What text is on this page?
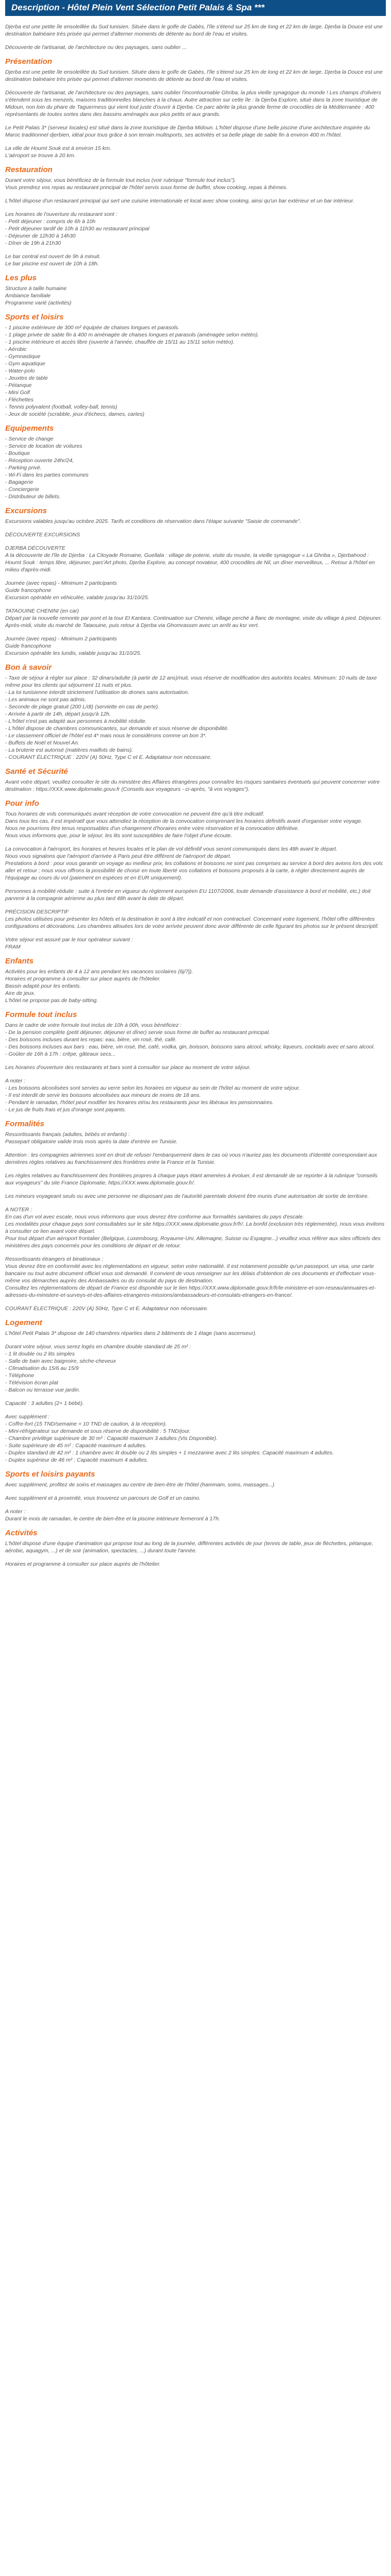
Description - Hôtel Plein Vent Sélection Petit Palais & Spa ***

Djerba est une petite île ensoleillée du Sud tunisien. Située dans le golfe de Gabès, l'île s'étend sur 25 km de long et 22 km de large. Djerba la Douce est une destination balnéaire très prisée qui permet d'alterner moments de détente au bord de l'eau et visites.

Découverte de l'artisanat, de l'architecture ou des paysages, sans oublier ...

Présentation

Djerba est une petite île ensoleillée du Sud tunisien. Située dans le golfe de Gabès, l'île s'étend sur 25 km de long et 22 km de large. Djerba la Douce est une destination balnéaire très prisée qui permet d'alterner moments de détente au bord de l'eau et visites.

Découverte de l'artisanat, de l'architecture ou des paysages, sans oublier l'incontournable Ghriba, la plus vieille synagogue du monde ! Les champs d'oliviers s'étendent sous les menzels, maisons traditionnelles blanchies à la chaux. Autre attraction sur cette île : la Djerba Explore, situé dans la zone touristique de Midoun, non loin du phare de Taguermess qui vient tout juste d'ouvrir à Djerba. Ce parc abrite la plus grande ferme de crocodiles de la Méditerranée : 400 représentants de toutes sortes dans des bassins aménagés aux plus petits et aux grands.

Le Petit Palais 3* (serveur locales) est situé dans la zone touristique de Djerba Midoun. L'hôtel dispose d'une belle piscine d'une architecture inspirée du Maroc traditionnel djerbien, idéal pour tous grâce à son terrain multisports, ses activités et sa belle plage de sable fin à environ 400 m l'hôtel.

La ville de Houmt Souk est à environ 15 km.
L'aéroport se trouve à 20 km.

Restauration

Durant votre séjour, vous bénéficiez de la formule tout inclus (voir rubrique "formule tout inclus").
Vous prendrez vos repas au restaurant principal de l'hôtel servis sous forme de buffet, show cooking, repas à thèmes.

L'hôtel dispose d'un restaurant principal qui sert une cuisine internationale et local avec show cooking, ainsi qu'un bar extérieur et un bar intérieur.

Les horaires de l'ouverture du restaurant sont :
- Petit déjeuner : compris de 6h à 10h
- Petit déjeuner tardif de 10h à 11h30 au restaurant principal
- Déjeuner de 12h30 à 14h30
- Dîner de 19h à 21h30

Le bar central est ouvert de 9h à minuit.
Le bar piscine est ouvert de 10h à 18h.

Les plus
Structure à taille humaine
Ambiance familiale
Programme varié (activités)
Sports et loisirs
- 1 piscine extérieure de 300 m² équipée de chaises longues et parasols.
- 1 plage privée de sable fin à 400 m aménagée de chaises longues et parasols (aménagée selon météo).
- 1 piscine intérieure et accès libre (ouverte à l'année, chauffée de 15/11 au 15/11 selon météo).
- Aérobic
- Gymnastique
- Gym aquatique
- Water-polo
- Jeuxtes de table
- Pétanque
- Mini Golf
- Fléchettes
- Tennis polyvalent (football, volley-ball, tennis)
- Jeux de société (scrabble, jeux d'échecs, dames, cartes)
Equipements
- Service de change
- Service de location de voitures
- Boutique
- Réception ouverte 24hr/24,
- Parking privé.
- Wi-Fi dans les parties communes
- Bagagerie
- Conciergerie
- Distributeur de billets.
Excursions

Excursions valables jusqu'au octobre 2025. Tarifs et conditions de réservation dans l'étape suivante "Saisie de commande".

DÉCOUVERTE EXCURSIONS

DJERBA DÉCOUVERTE
A la découverte de l'île de Djerba : La Citoyade Romaine, Guellala : village de poterie, visite du musée, la vieille synagogue « La Ghriba », Djerbahood : Houmt Souk : temps libre, déjeuner, parc'Art photo, Djerba Explore, au concept novateur, 400 crocodiles de Nil, un dîner merveilleux, ... Retour à l'hôtel en milieu d'après-midi.

Journée (avec repas) - Minimum 2 participants
Guide francophone
Excursion opérable en véhiculée, valable jusqu'au 31/10/25.

TATAOUINE CHENINI (en car)
Départ par la nouvelle remonte par pont et la tour El Kantara. Continuation sur Chenini, village perché à flanc de montagne, visite du village à pied. Déjeuner. Après-midi, visite du marché de Tataouine, puis retour à Djerba via Ghomrassen avec un arrêt au ksr vert.

Journée (avec repas) - Minimum 2 participants
Guide francophone
Excursion opérable les lundis, valable jusqu'au 31/10/25.

Bon à savoir

- Taxe de séjour à régler sur place : 32 dinars/adulte (à partir de 12 ans)/nuit, vous réserve de modification des autorités locales. Minimum: 10 nuits de taxe même pour les clients qui séjournent 11 nuits et plus.
- La loi tunisienne interdit strictement l'utilisation de drones sans autorisation.
- Les animaux ne sont pas admis.
- Seconde de plage gratuit (200 L/dt) (serviette en cas de perte).
- Arrivée à partir de 14h, départ jusqu'à 12h.
- L'hôtel n'est pas adapté aux personnes à mobilité réduite.
- L'hôtel dispose de chambres communicantes, sur demande et sous réserve de disponibilité.
- Le classement officiel de l'hôtel est 4* mais nous le considérons comme un bon 3*.
- Buffets de Noël et Nouvel An.
- La bruterie est autorisé (matières maillots de bains).
- COURANT ÉLECTRIQUE : 220V (A) 50Hz, Type C et E. Adaptateur non nécessaire.

Santé et Sécurité

Avant votre départ, veuillez consulter le site du ministère des Affaires étrangères pour connaître les risques sanitaires éventuels qui peuvent concerner votre destination : https://XXX.www.diplomatie.gouv.fr (Conseils aux voyageurs - ci-après, "à vos voyages").

Pour info

Tous horaires de vols communiqués avant réception de votre convocation ne peuvent être qu'à titre indicatif.
Dans tous les cas, il est impératif que vous attendiez la réception de la convocation comprenant les horaires définitifs avant d'organiser votre voyage.
Nous ne pourrions être tenus responsables d'un changement d'horaires entre votre réservation et la convocation définitive.
Nous vous informons que, pour le séjour, les lits sont susceptibles de faire l'objet d'une écoute.

La convocation à l'aéroport, les horaires et heures locales et le plan de vol définitif vous seront communiqués dans les 48h avant le départ.
Nous vous signalons que l'aéroport d'arrivée à Paris peut être différent de l'aéroport de départ.
Prestations à bord : pour vous garantir un voyage au meilleur prix, les collations et boissons ne sont pas comprises au service à bord des avions lors des vols aller et retour ; nous vous offrons la possibilité de choisir en toute liberté vos collations et boissons proposés à la carte, à régler directement auprès de l'équipage au cours du vol (paiement en espèces et en EUR uniquement).

Personnes à mobilité réduite : suite à l'entrée en vigueur du règlement européen EU 1107/2006, toute demande d'assistance à bord et mobilité, etc.) doit parvenir à la compagnie aérienne au plus tard 48h avant la date de départ.

PRÉCISION DESCRIPTIF
Les photos utilisées pour présenter les hôtels et la destination le sont à titre indicatif et non contractuel. Concernant votre logement, l'hôtel offre différentes configurations et décorations. Les chambres allouées lors de votre arrivée peuvent donc avoir différente de celle figurant les photos sur le présent descriptif.

Votre séjour est assuré par le tour opérateur suivant :
FRAM

Enfants

Activités pour les enfants de 4 à 12 ans pendant les vacances scolaires (6j/7j).
Horaires et programme à consulter sur place auprès de l'hôtelier.
Bassin adapté pour les enfants.
Aire de jeux.
L'hôtel ne propose pas de baby-sitting.

Formule tout inclus

Dans le cadre de votre formule tout inclus de 10h à 00h, vous bénéficiez :
- De la pension complète (petit déjeuner, déjeuner et dîner) servie sous forme de buffet au restaurant principal.
- Des boissons incluses durant les repas: eau, bière, vin rosé, thé, café.
- Des boissons incluses aux bars : eau, bière, vin rosé, thé, café, vodka, gin, boisson, boissons sans alcool, whisky, liqueurs, cocktails avec et sans alcool.
- Goûter de 16h à 17h : crêpe, gâteaux secs...

Les horaires d'ouverture des restaurants et bars sont à consulter sur place au moment de votre séjour.

A noter :
- Les boissons alcoolisées sont servies au verre selon les horaires en vigueur au sein de l'hôtel au moment de votre séjour.
- Il est interdit de servir les boissons alcoolisées aux mineurs de moins de 18 ans.
- Pendant le ramadan, l'hôtel peut modifier les horaires et/ou les restaurants pour les libéraux les pensionnaires.
- Le jus de fruits frais et jus d'orange sont payants.

Formalités

Ressortissants français (adultes, bébés et enfants) :
Passepart obligatoire valide trois mois après la date d'entrée en Tunisie.

Attention : les compagnies aériennes sont en droit de refuser l'embarquement dans le cas où vous n'auriez pas les documents d'identité correspondant aux dernières règles relatives au franchissement des frontières entre la France et la Tunisie.

Les règles relatives au franchissement des frontières propres à chaque pays étant amenées à évoluer, il est demandé de se reporter à la rubrique "conseils aux voyageurs" du site France Diplomatie, https://XXX.www.diplomatie.gouv.fr/.

Les mineurs voyageant seuls ou avec une personne ne disposant pas de l'autorité parentale doivent être munis d'une autorisation de sortie de territoire.

A NOTER :
En cas d'un vol avec escale, nous vous informons que vous devrez être conforme aux formalités sanitaires du pays d'escale.
Les modalités pour chaque pays sont consultables sur le site https://XXX.www.diplomatie.gouv.fr/fr/. La bonfd (exclusion très réglementée), nous vous invitons à consulter ce lien avant votre départ.
Pour tout départ d'un aéroport frontalier (Belgique, Luxembourg, Royaume-Uni, Allemagne, Suisse ou Espagne...) veuillez vous référer aux sites officiels des ministères des pays concernés pour les conditions de départ et de retour.

Ressortissants étrangers et binationaux :
Vous devrez être en conformité avec les réglementations en vigueur, selon votre nationalité. Il est notamment possible qu'un passeport, un visa, une carte bancaire ou tout autre document officiel vous soit demandé. Il convient de vous renseigner sur les délais d'obtention de ces documents et d'effectuer vous-même vos démarches auprès des Ambassades ou du consulat du pays de destination.
Consultez les réglementations de départ de France est disponible sur le lien https://XXX.www.diplomatie.gouv.fr/fr/le-ministere-et-son-reseau/annuaires-et-adresses-du-ministere-et-surveys-et-des-affaires-etrangeres-missions/ambassadeurs-et-consulats-etrangers-en-france/.

COURANT ÉLECTRIQUE : 220V (A) 50Hz, Type C et E. Adaptateur non nécessaire.

Logement

L'hôtel Petit Palais 3* dispose de 140 chambres réparties dans 2 bâtiments de 1 étage (sans ascenseur).

Durant votre séjour, vous serez logés en chambre double standard de 25 m² :
- 1 lit double ou 2 lits simples
- Salle de bain avec baignoire, sèche-cheveux
- Climatisation du 15/6 au 15/9
- Téléphone
- Télévision écran plat
- Balcon ou terrasse vue jardin.

Capacité : 3 adultes (2+ 1 bébé).

Avec supplément :
- Coffre-fort (15 TND/semaine = 10 TND de caution, à la réception).
- Mini-réfrigérateur sur demande et sous réserve de disponibilité : 5 TND/jour.
- Chambre privilège supérieure de 30 m² : Capacité maximum 3 adultes (Vis Disponible).
- Suite supérieure de 45 m² : Capacité maximum 4 adultes.
- Duplex standard de 42 m² : 1 chambre avec lit double ou 2 lits simples + 1 mezzanine avec 2 lits simples. Capacité maximum 4 adultes.
- Duplex supérieur de 46 m² : Capacité maximum 4 adultes.

Sports et loisirs payants

Avec supplément, profitez de soins et massages au centre de bien-être de l'hôtel (hammam, soins, massages...)

Avec supplément et à proximité, vous trouverez un parcours de Golf et un casino.

A noter :
Durant le mois de ramadan, le centre de bien-être et la piscine intérieure fermeront à 17h.

Activités

L'hôtel dispose d'une équipe d'animation qui propose tout au long de la journée, différentes activités de jour (tennis de table, jeux de fléchettes, pétanque, aérobic, aquagym, ...) et de soir (animation, spectacles, ...) durant toute l'année.

Horaires et programme à consulter sur place auprès de l'hôtelier.
